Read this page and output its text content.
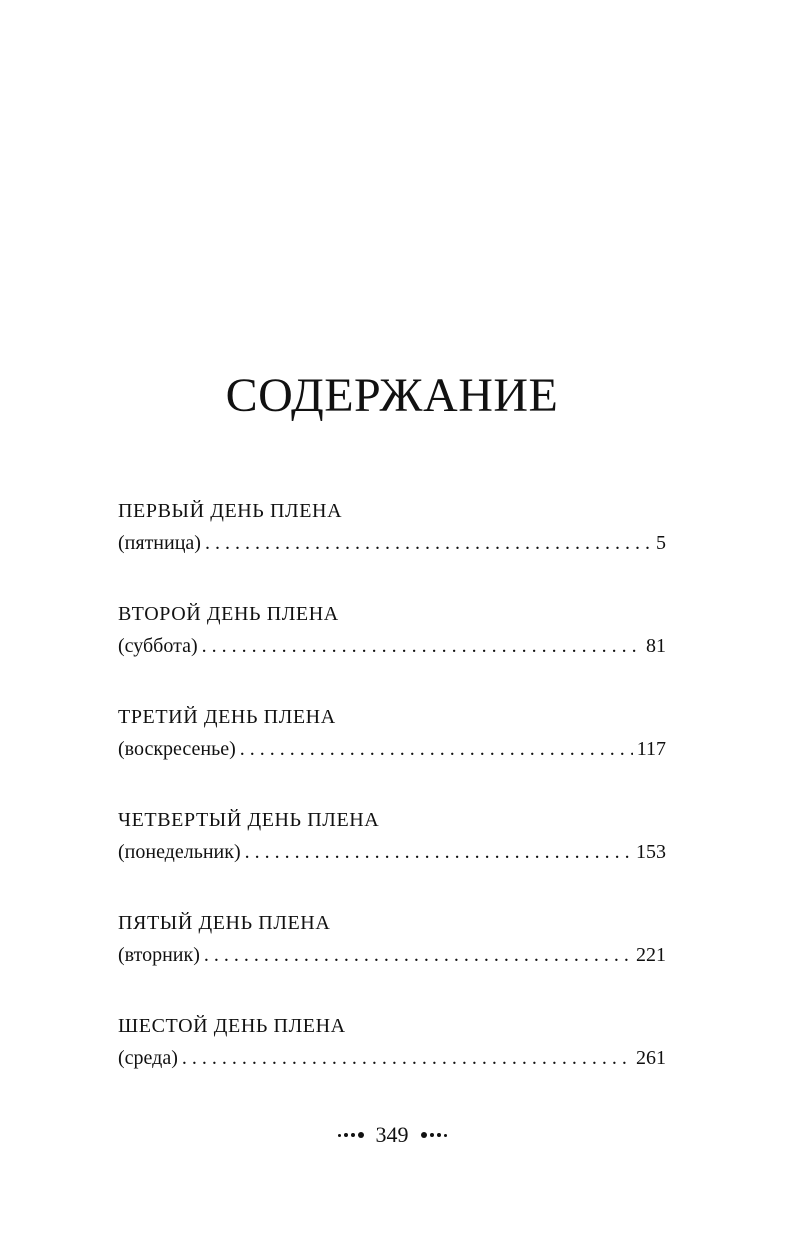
СОДЕРЖАНИЕ
ПЕРВЫЙ ДЕНЬ ПЛЕНА
(пятница) . . .	5
ВТОРОЙ ДЕНЬ ПЛЕНА
(суббота) . . .	81
ТРЕТИЙ ДЕНЬ ПЛЕНА
(воскресенье) . . .	117
ЧЕТВЕРТЫЙ ДЕНЬ ПЛЕНА
(понедельник) . . .	153
ПЯТЫЙ ДЕНЬ ПЛЕНА
(вторник) . . .	221
ШЕСТОЙ ДЕНЬ ПЛЕНА
(среда) . . .	261
349
